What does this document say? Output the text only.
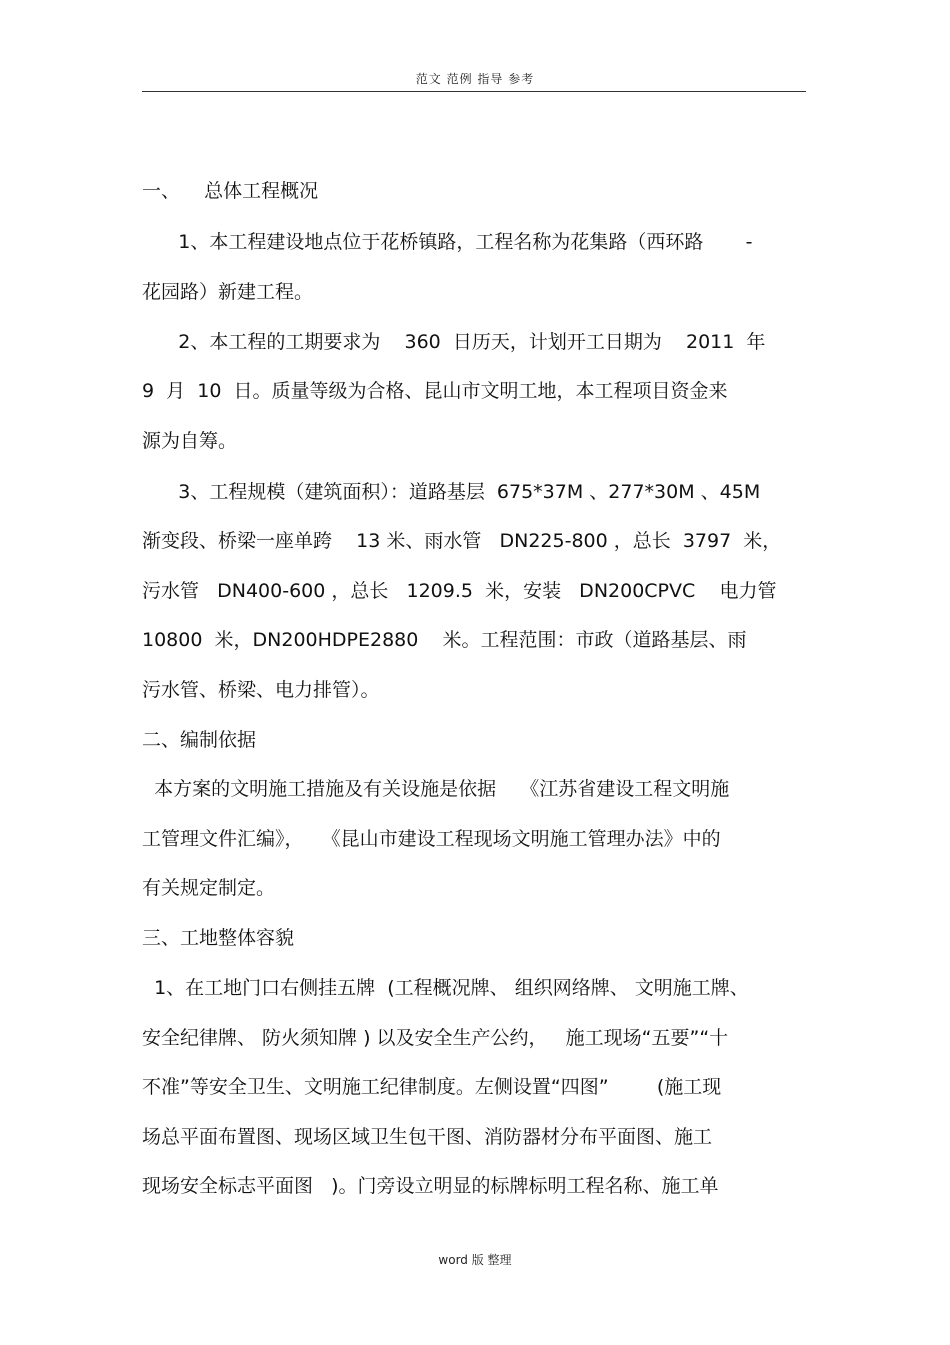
范文 范例 指导 参考
一、    总体工程概况
1、本工程建设地点位于花桥镇路，工程名称为花集路（西环路       -
花园路）新建工程。
2、本工程的工期要求为    360  日历天，计划开工日期为    2011  年
9  月  10  日。质量等级为合格、昆山市文明工地，本工程项目资金来
源为自筹。
3、工程规模（建筑面积）：道路基层  675*37M 、277*30M 、45M
渐变段、桥梁一座单跨    13 米、雨水管   DN225-800 ，总长  3797  米，
污水管   DN400-600 ，总长   1209.5  米，安装   DN200CPVC    电力管
10800  米，DN200HDPE2880    米。工程范围：市政（道路基层、雨
污水管、桥梁、电力排管）。
二、编制依据
本方案的文明施工措施及有关设施是依据    《江苏省建设工程文明施
工管理文件汇编》，   《昆山市建设工程现场文明施工管理办法》中的
有关规定制定。
三、工地整体容貌
1、在工地门口右侧挂五牌  (工程概况牌、 组织网络牌、 文明施工牌、
安全纪律牌、 防火须知牌 ) 以及安全生产公约，   施工现场“五要”“十
不准”等安全卫生、文明施工纪律制度。左侧设置“四图”        (施工现
场总平面布置图、现场区域卫生包干图、消防器材分布平面图、施工
现场安全标志平面图   )。门旁设立明显的标牌标明工程名称、施工单
word 版 整理
